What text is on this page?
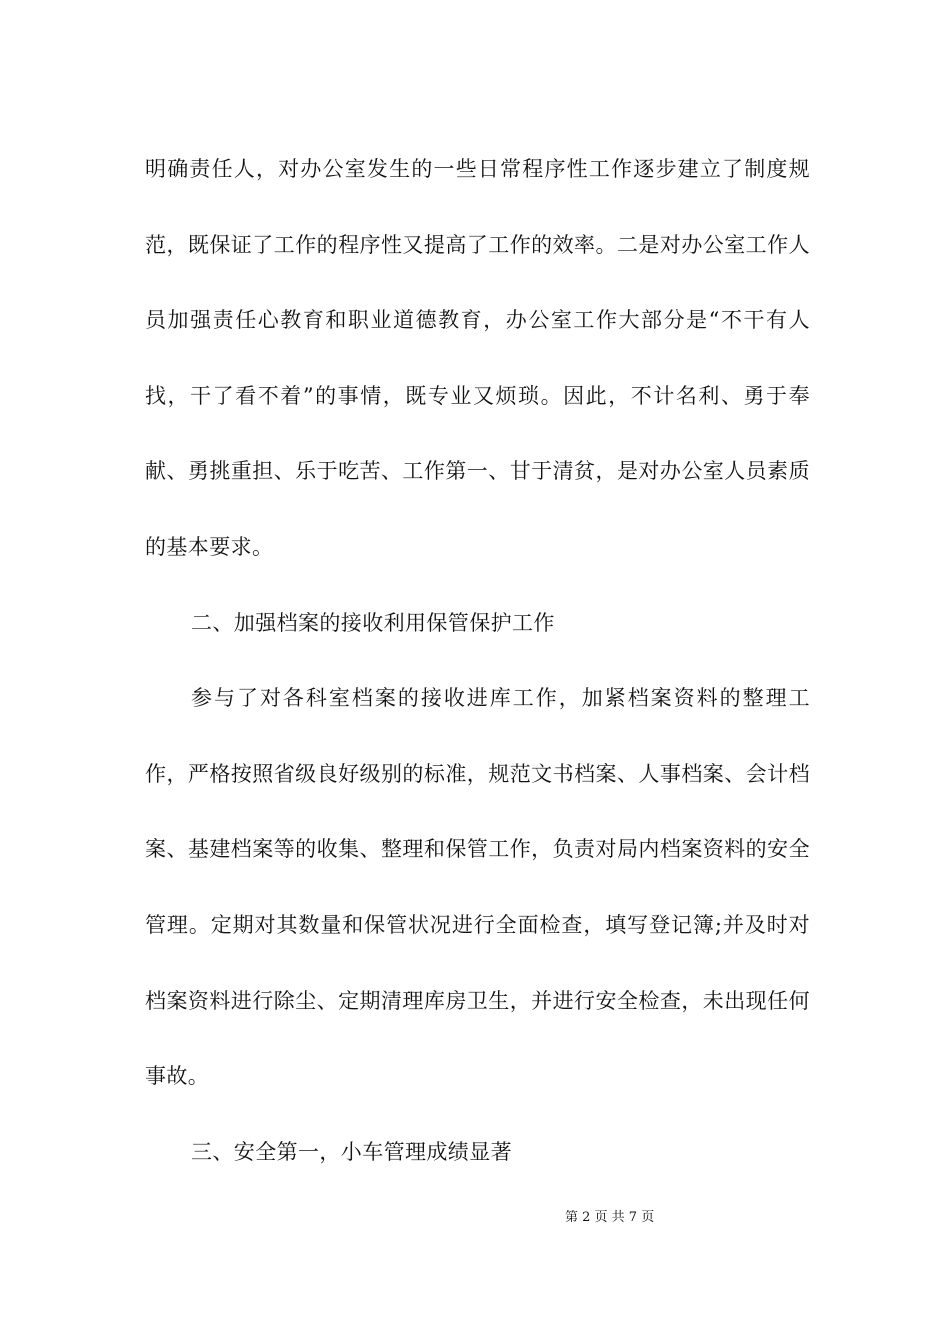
明确责任人，对办公室发生的一些日常程序性工作逐步建立了制度规范，既保证了工作的程序性又提高了工作的效率。二是对办公室工作人员加强责任心教育和职业道德教育，办公室工作大部分是“不干有人找，干了看不着”的事情，既专业又烦琐。因此，不计名利、勇于奉献、勇挑重担、乐于吃苦、工作第一、甘于清贫，是对办公室人员素质的基本要求。

二、加强档案的接收利用保管保护工作

参与了对各科室档案的接收进库工作，加紧档案资料的整理工作，严格按照省级良好级别的标准，规范文书档案、人事档案、会计档案、基建档案等的收集、整理和保管工作，负责对局内档案资料的安全管理。定期对其数量和保管状况进行全面检查，填写登记簿;并及时对档案资料进行除尘、定期清理库房卫生，并进行安全检查，未出现任何事故。

三、安全第一，小车管理成绩显著

第 2 页 共 7 页
